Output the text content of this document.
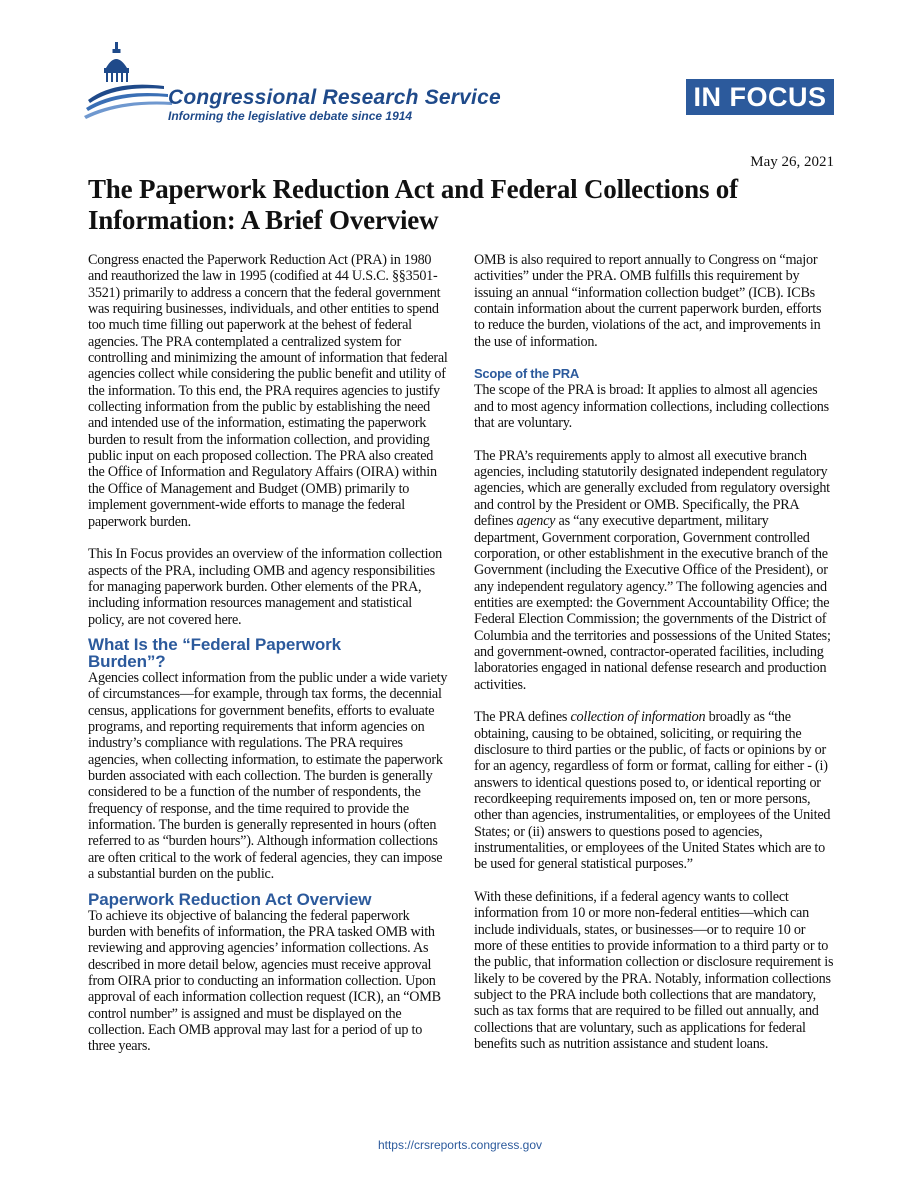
Congressional Research Service
Informing the legislative debate since 1914
IN FOCUS
May 26, 2021
The Paperwork Reduction Act and Federal Collections of Information: A Brief Overview

Congress enacted the Paperwork Reduction Act (PRA) in 1980 and reauthorized the law in 1995 (codified at 44 U.S.C. §§3501-3521) primarily to address a concern that the federal government was requiring businesses, individuals, and other entities to spend too much time filling out paperwork at the behest of federal agencies. The PRA contemplated a centralized system for controlling and minimizing the amount of information that federal agencies collect while considering the public benefit and utility of the information. To this end, the PRA requires agencies to justify collecting information from the public by establishing the need and intended use of the information, estimating the paperwork burden to result from the information collection, and providing public input on each proposed collection. The PRA also created the Office of Information and Regulatory Affairs (OIRA) within the Office of Management and Budget (OMB) primarily to implement government-wide efforts to manage the federal paperwork burden.

This In Focus provides an overview of the information collection aspects of the PRA, including OMB and agency responsibilities for managing paperwork burden. Other elements of the PRA, including information resources management and statistical policy, are not covered here.

What Is the “Federal Paperwork Burden”?

Agencies collect information from the public under a wide variety of circumstances—for example, through tax forms, the decennial census, applications for government benefits, efforts to evaluate programs, and reporting requirements that inform agencies on industry’s compliance with regulations. The PRA requires agencies, when collecting information, to estimate the paperwork burden associated with each collection. The burden is generally considered to be a function of the number of respondents, the frequency of response, and the time required to provide the information. The burden is generally represented in hours (often referred to as “burden hours”). Although information collections are often critical to the work of federal agencies, they can impose a substantial burden on the public.

Paperwork Reduction Act Overview

To achieve its objective of balancing the federal paperwork burden with benefits of information, the PRA tasked OMB with reviewing and approving agencies’ information collections. As described in more detail below, agencies must receive approval from OIRA prior to conducting an information collection. Upon approval of each information collection request (ICR), an “OMB control number” is assigned and must be displayed on the collection. Each OMB approval may last for a period of up to three years.

OMB is also required to report annually to Congress on “major activities” under the PRA. OMB fulfills this requirement by issuing an annual “information collection budget” (ICB). ICBs contain information about the current paperwork burden, efforts to reduce the burden, violations of the act, and improvements in the use of information.

Scope of the PRA

The scope of the PRA is broad: It applies to almost all agencies and to most agency information collections, including collections that are voluntary.

The PRA’s requirements apply to almost all executive branch agencies, including statutorily designated independent regulatory agencies, which are generally excluded from regulatory oversight and control by the President or OMB. Specifically, the PRA defines agency as “any executive department, military department, Government corporation, Government controlled corporation, or other establishment in the executive branch of the Government (including the Executive Office of the President), or any independent regulatory agency.” The following agencies and entities are exempted: the Government Accountability Office; the Federal Election Commission; the governments of the District of Columbia and the territories and possessions of the United States; and government-owned, contractor-operated facilities, including laboratories engaged in national defense research and production activities.

The PRA defines collection of information broadly as “the obtaining, causing to be obtained, soliciting, or requiring the disclosure to third parties or the public, of facts or opinions by or for an agency, regardless of form or format, calling for either - (i) answers to identical questions posed to, or identical reporting or recordkeeping requirements imposed on, ten or more persons, other than agencies, instrumentalities, or employees of the United States; or (ii) answers to questions posed to agencies, instrumentalities, or employees of the United States which are to be used for general statistical purposes.”

With these definitions, if a federal agency wants to collect information from 10 or more non-federal entities—which can include individuals, states, or businesses—or to require 10 or more of these entities to provide information to a third party or to the public, that information collection or disclosure requirement is likely to be covered by the PRA. Notably, information collections subject to the PRA include both collections that are mandatory, such as tax forms that are required to be filled out annually, and collections that are voluntary, such as applications for federal benefits such as nutrition assistance and student loans.

https://crsreports.congress.gov
